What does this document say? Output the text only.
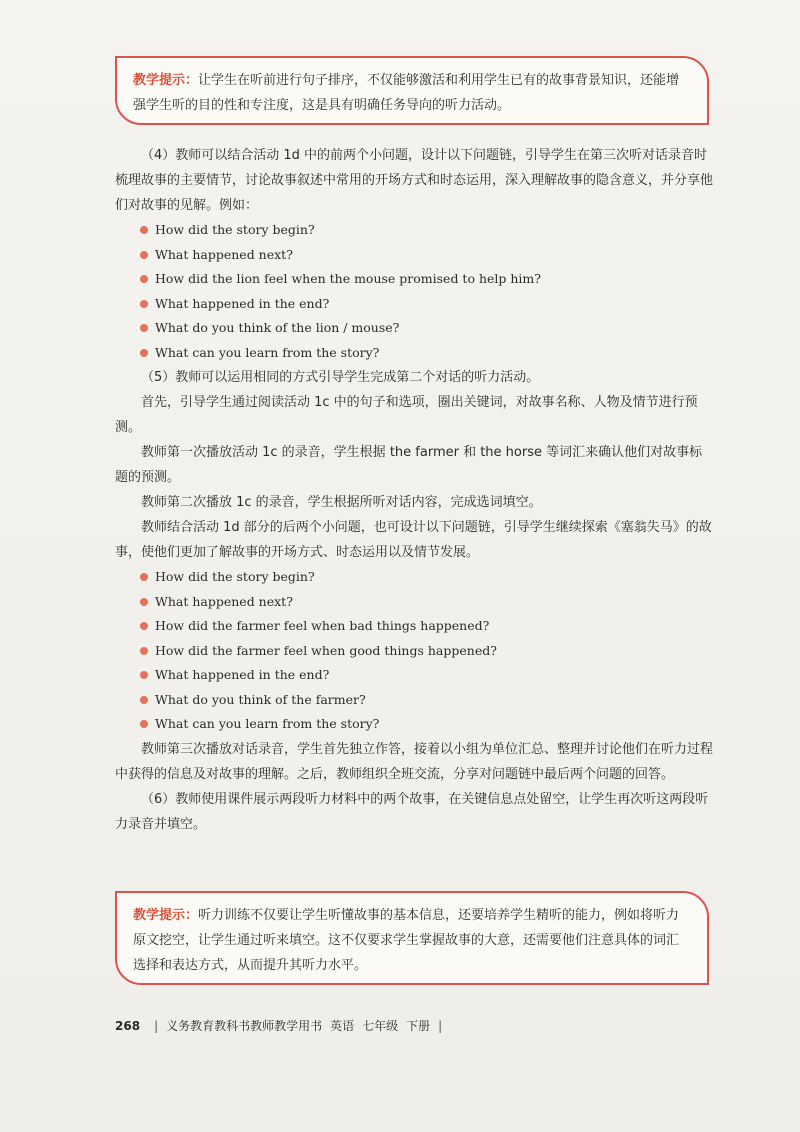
教学提示：让学生在听前进行句子排序，不仅能够激活和利用学生已有的故事背景知识，还能增强学生听的目的性和专注度，这是具有明确任务导向的听力活动。

（4）教师可以结合活动 1d 中的前两个小问题，设计以下问题链，引导学生在第三次听对话录音时梳理故事的主要情节，讨论故事叙述中常用的开场方式和时态运用，深入理解故事的隐含意义，并分享他们对故事的见解。例如：

How did the story begin?
What happened next?
How did the lion feel when the mouse promised to help him?
What happened in the end?
What do you think of the lion / mouse?
What can you learn from the story?

（5）教师可以运用相同的方式引导学生完成第二个对话的听力活动。

首先，引导学生通过阅读活动 1c 中的句子和选项，圈出关键词，对故事名称、人物及情节进行预测。

教师第一次播放活动 1c 的录音，学生根据 the farmer 和 the horse 等词汇来确认他们对故事标题的预测。

教师第二次播放 1c 的录音，学生根据所听对话内容，完成选词填空。

教师结合活动 1d 部分的后两个小问题，也可设计以下问题链，引导学生继续探索《塞翁失马》的故事，使他们更加了解故事的开场方式、时态运用以及情节发展。

How did the story begin?
What happened next?
How did the farmer feel when bad things happened?
How did the farmer feel when good things happened?
What happened in the end?
What do you think of the farmer?
What can you learn from the story?

教师第三次播放对话录音，学生首先独立作答，接着以小组为单位汇总、整理并讨论他们在听力过程中获得的信息及对故事的理解。之后，教师组织全班交流，分享对问题链中最后两个问题的回答。

（6）教师使用课件展示两段听力材料中的两个故事，在关键信息点处留空，让学生再次听这两段听力录音并填空。

教学提示：听力训练不仅要让学生听懂故事的基本信息，还要培养学生精听的能力，例如将听力原文挖空，让学生通过听来填空。这不仅要求学生掌握故事的大意，还需要他们注意具体的词汇选择和表达方式，从而提升其听力水平。
268 | 义务教育教科书教师教学用书 英语 七年级 下册 |
